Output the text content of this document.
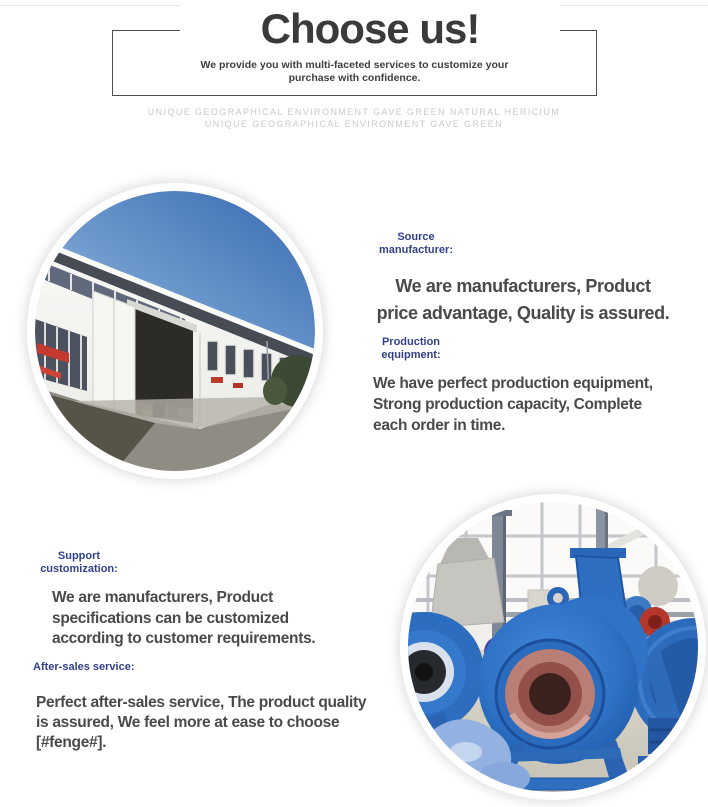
Choose us!
We provide you with multi-faceted services to customize your
purchase with confidence.
UNIQUE GEOGRAPHICAL ENVIRONMENT GAVE GREEN NATURAL HERICIUM
UNIQUE GEOGRAPHICAL ENVIRONMENT GAVE GREEN
Source
manufacturer:
We are manufacturers, Product
price advantage, Quality is assured.
Production
equipment:
We have perfect production equipment,
Strong production capacity, Complete
each order in time.
Support
customization:
We are manufacturers, Product
specifications can be customized
according to customer requirements.
After-sales service:
Perfect after-sales service, The product quality
is assured, We feel more at ease to choose
[#fenge#].
